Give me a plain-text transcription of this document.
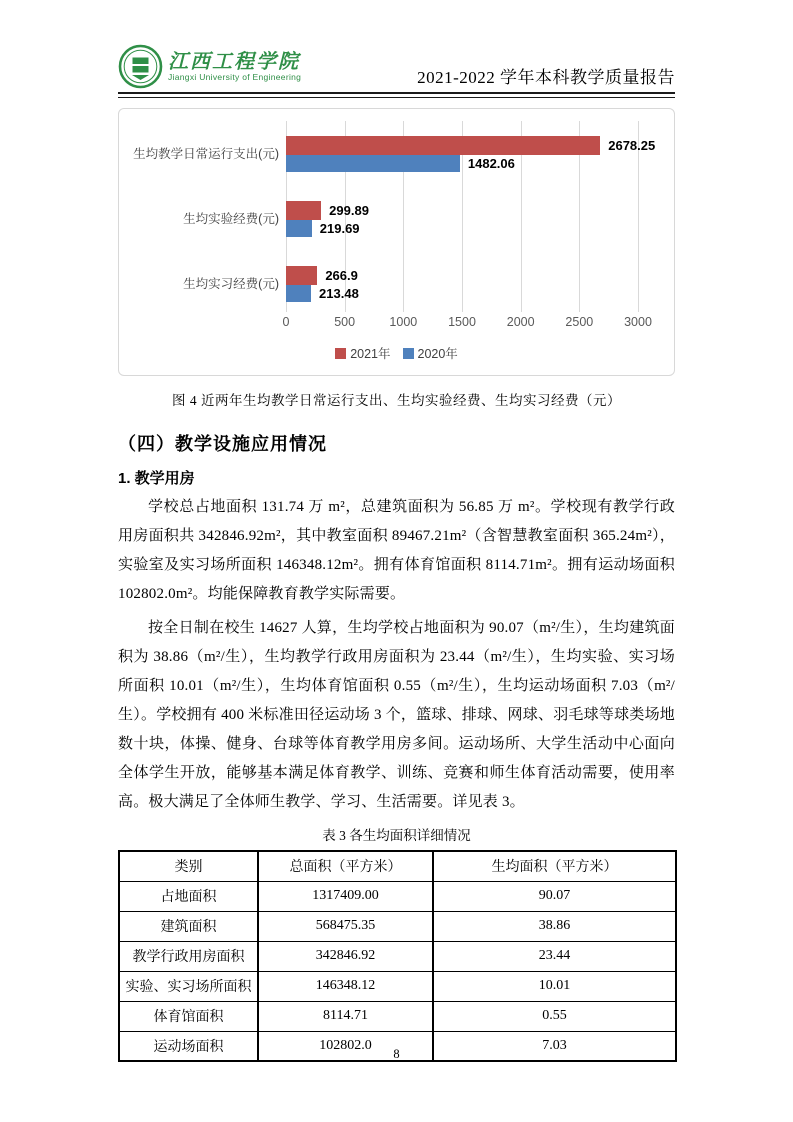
江西工程学院
Jiangxi University of Engineering	2021-2022 学年本科教学质量报告
0	500	1000	1500	2000	2500	3000
生均教学日常运行支出(元)
2678.25
1482.06
生均实验经费(元)
299.89
219.69
生均实习经费(元)
266.9
213.48
2021年 2020年
图 4 近两年生均教学日常运行支出、生均实验经费、生均实习经费（元）
（四）教学设施应用情况
1. 教学用房

学校总占地面积 131.74 万 m²，总建筑面积为 56.85 万 m²。学校现有教学行政用房面积共 342846.92m²，其中教室面积 89467.21m²（含智慧教室面积 365.24m²），实验室及实习场所面积 146348.12m²。拥有体育馆面积 8114.71m²。拥有运动场面积 102802.0m²。均能保障教育教学实际需要。

按全日制在校生 14627 人算，生均学校占地面积为 90.07（m²/生），生均建筑面积为 38.86（m²/生），生均教学行政用房面积为 23.44（m²/生），生均实验、实习场所面积 10.01（m²/生），生均体育馆面积 0.55（m²/生），生均运动场面积 7.03（m²/生）。学校拥有 400 米标准田径运动场 3 个，篮球、排球、网球、羽毛球等球类场地数十块，体操、健身、台球等体育教学用房多间。运动场所、大学生活动中心面向全体学生开放，能够基本满足体育教学、训练、竞赛和师生体育活动需要，使用率高。极大满足了全体师生教学、学习、生活需要。详见表 3。

表 3 各生均面积详细情况
类别	总面积（平方米）	生均面积（平方米）
占地面积	1317409.00	90.07
建筑面积	568475.35	38.86
教学行政用房面积	342846.92	23.44
实验、实习场所面积	146348.12	10.01
体育馆面积	8114.71	0.55
运动场面积	102802.0	7.03
8
